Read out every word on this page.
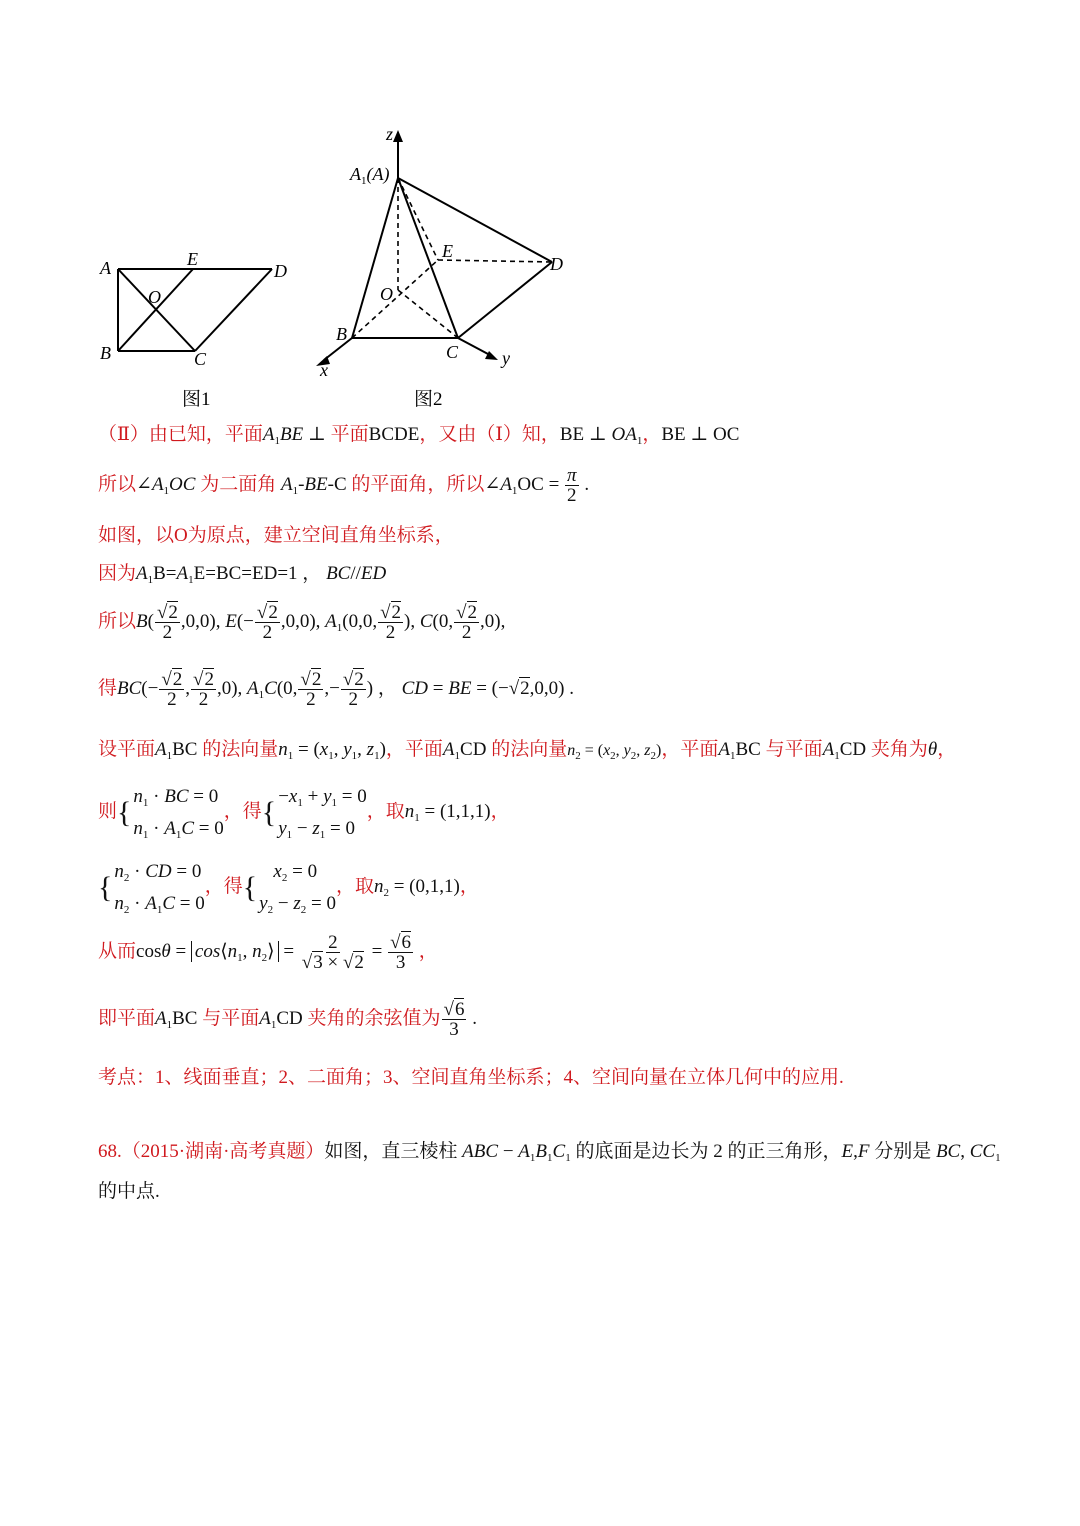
A	E
D
O
B	C
图1
z
$A_1(A)$
E
D
O
B
C
x
y
图2
（Ⅱ）由已知，平面$A_1BE$ ⊥ 平面BCDE，又由（Ⅰ）知，BE ⊥ $OA_1$，BE ⊥ OC
所以$\angle A_1OC$ 为二面角 $A_1-BE-C$ 的平面角，所以$\angle A_1OC = \frac{\pi}{2}$ .
如图，以O为原点，建立空间直角坐标系，
因为$A_1B=A_1E=BC=ED=1$ ， BC//ED
所以$B( \frac{√2}{2} ,0,0)$, $E(- \frac{√2}{2} ,0,0)$, $A_1(0,0$, $\frac{√2}{2}$ ), C(0, $\frac{√2}{2} ,0$),
得$BC(- \frac{√2}{2}$ , $\frac{√2}{2} ,0$), $A_1C(0$, $\frac{√2}{2}$ ,− $\frac{√2}{2}$ ) ， CD = BE = (−√2,0,0) .
设平面$A_1BC$ 的法向量$n_1 = (x_1$, $y_1$, $z_1$)，平面$A_1CD$ 的法向量$n_2 = (x_2$, $y_2$, $z_2$)，平面$A_1BC$ 与平面$A_1CD$ 夹角为θ，
则 { $n_1$ · BC = 0
$n_1 \cdot A_1C = 0$
，得 { $-x_1 + y_1 = 0$
$y_1 - z_1 = 0$
，取$n_1 = (1,1,1)$，
{ $n_2$ · CD = 0
$n_2 \cdot A_1C = 0$
，得 { $x_2 = 0$
$y_2 - z_2 = 0$
，取$n_2 = (0,1,1)$，
从而$\cos\theta = \cos⟨n_1$, $n_2⟩ = \frac{2}{√3 \times √2} = \frac{√6}{3}$ ，
即平面$A_1BC$ 与平面$A_1CD$ 夹角的余弦值为 $\frac{√6}{3}$ .
考点：1、线面垂直；2、二面角；3、空间直角坐标系；4、空间向量在立体几何中的应用.
68.（2015·湖南·高考真题）如图，直三棱柱 ABC − $A_1B_1C_1$ 的底面是边长为 2 的正三角形，E,F 分别是 BC, $CC_1$
的中点.
